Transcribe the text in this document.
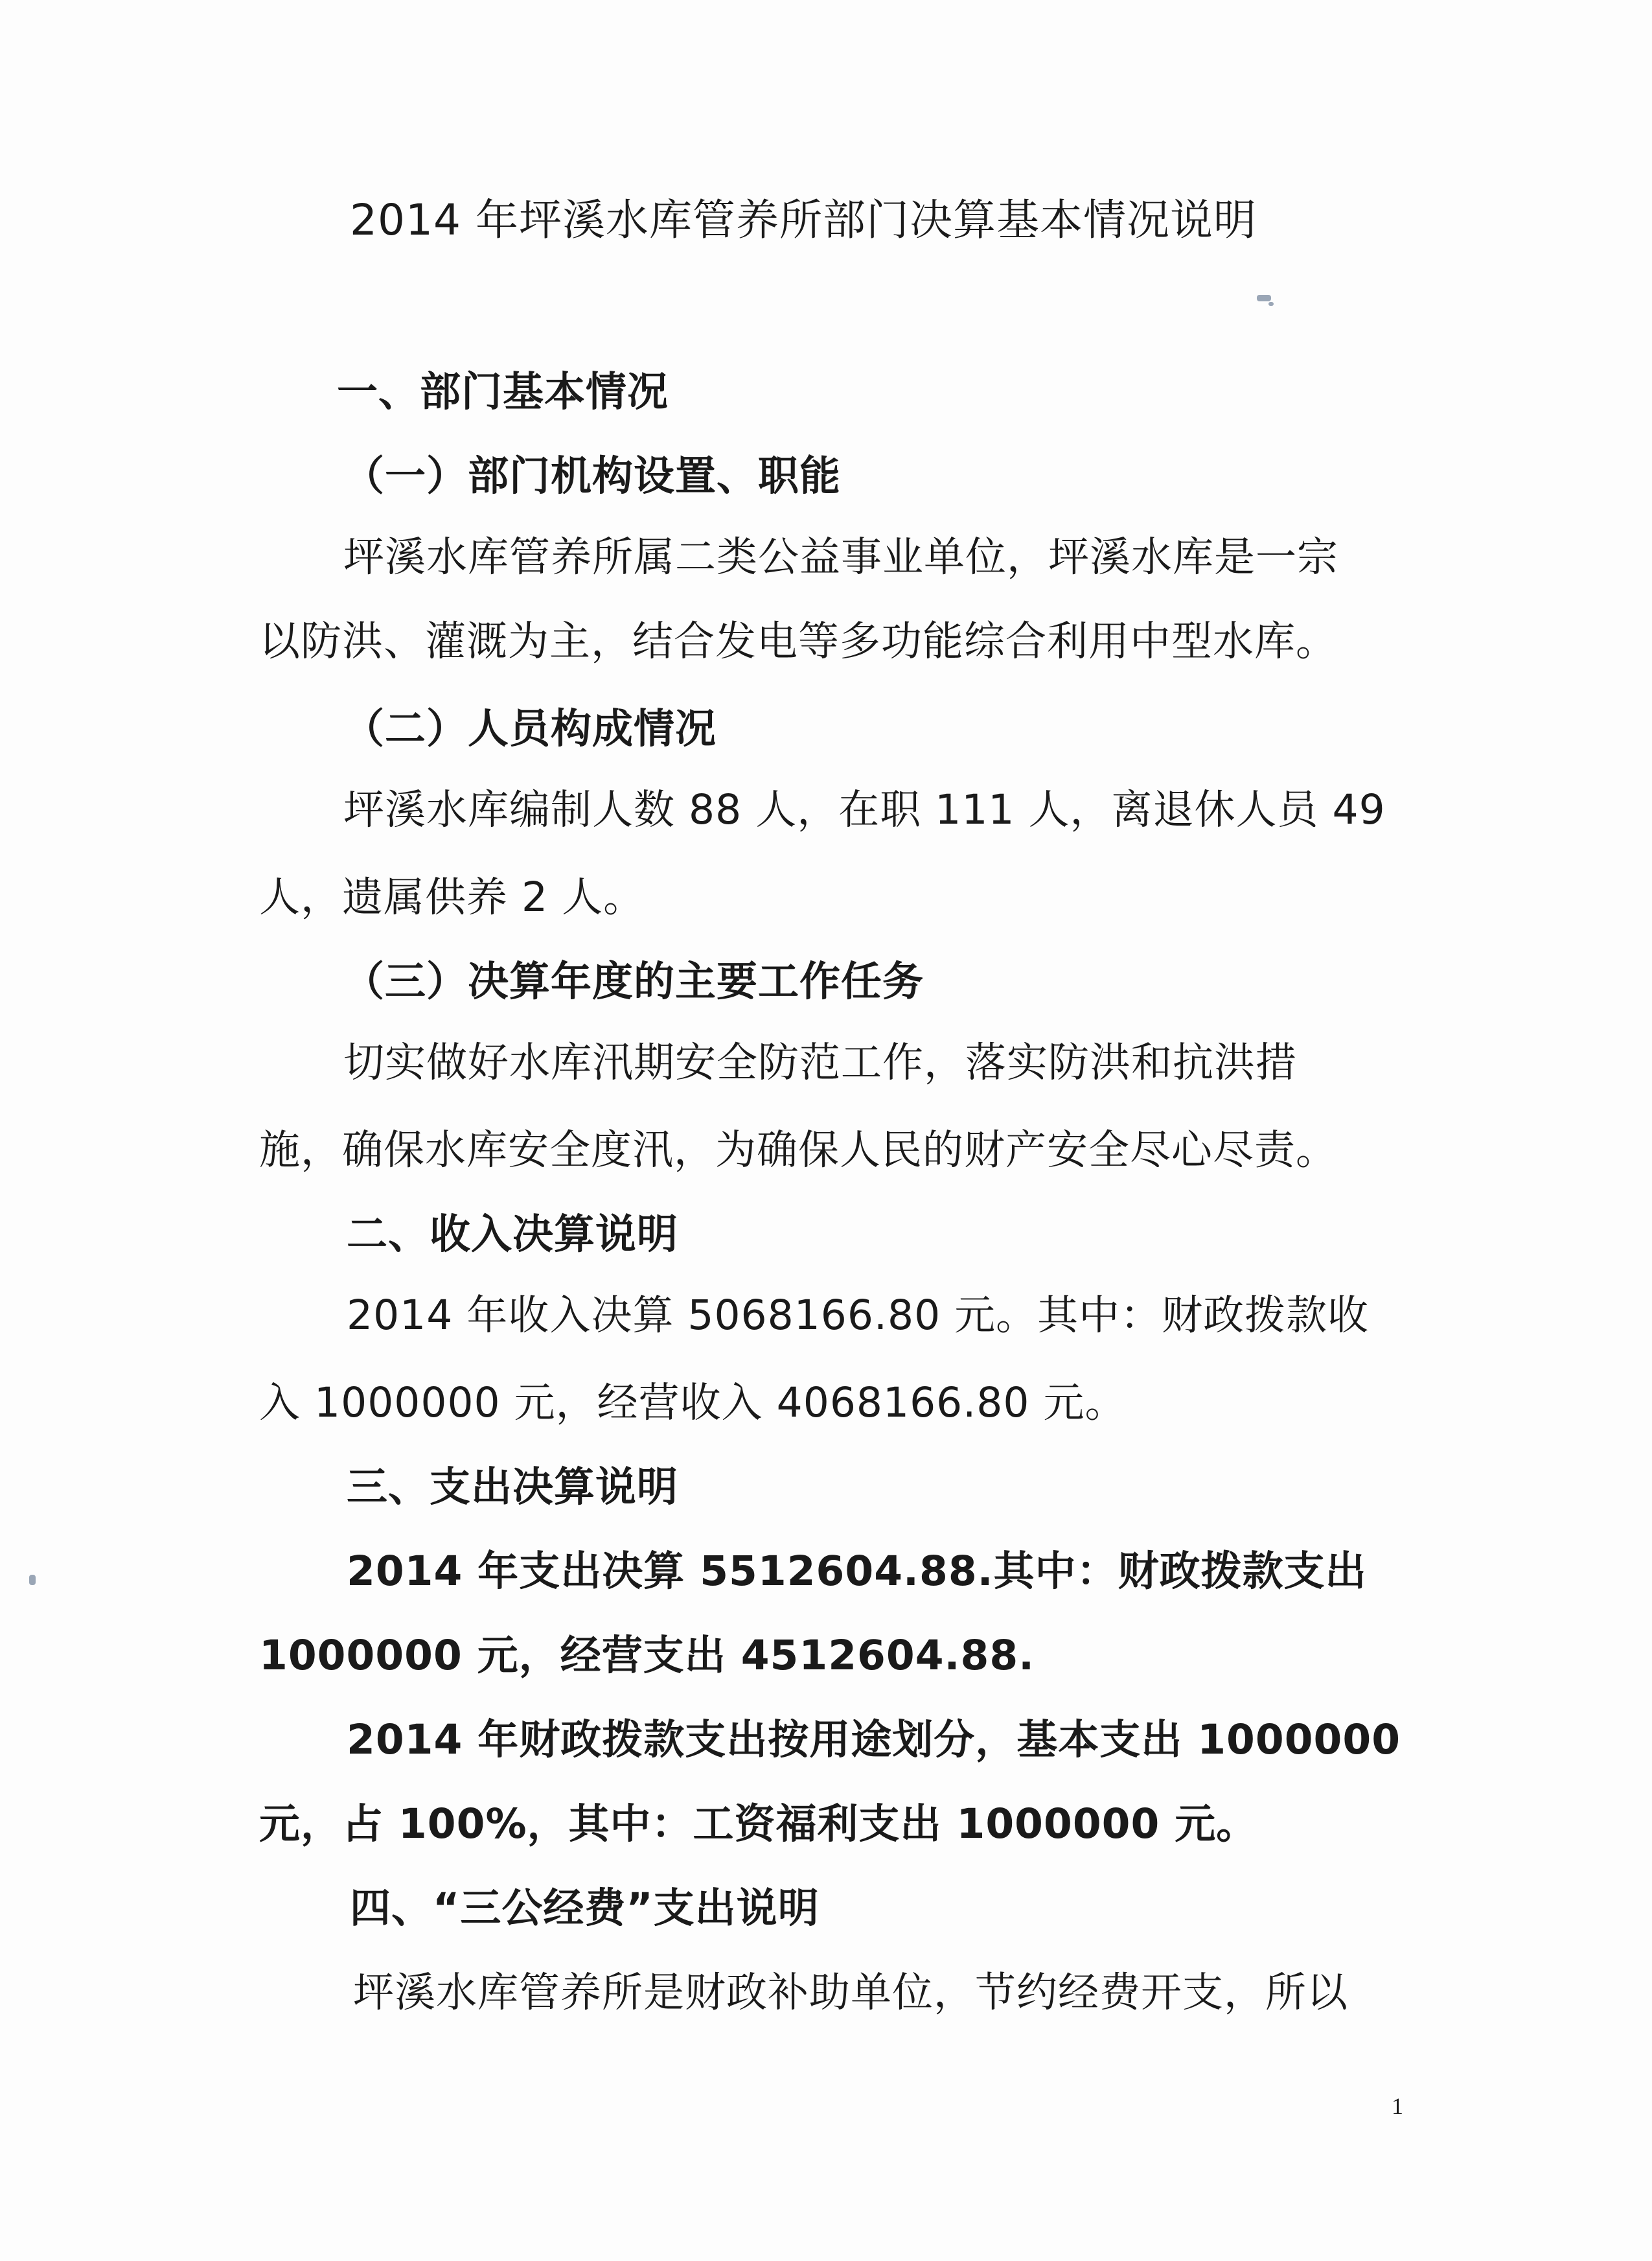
2014 年坪溪水库管养所部门决算基本情况说明
一、部门基本情况
（一）部门机构设置、职能
坪溪水库管养所属二类公益事业单位，坪溪水库是一宗
以防洪、灌溉为主，结合发电等多功能综合利用中型水库。
（二）人员构成情况
坪溪水库编制人数 88 人，在职 111 人，离退休人员 49
人，遗属供养 2 人。
（三）决算年度的主要工作任务
切实做好水库汛期安全防范工作，落实防洪和抗洪措
施，确保水库安全度汛，为确保人民的财产安全尽心尽责。
二、收入决算说明
2014 年收入决算 5068166.80 元。其中：财政拨款收
入 1000000 元，经营收入 4068166.80 元。
三、支出决算说明
2014 年支出决算 5512604.88.其中：财政拨款支出
1000000 元，经营支出 4512604.88.
2014 年财政拨款支出按用途划分，基本支出 1000000
元，占 100%，其中：工资福利支出 1000000 元。
四、“三公经费”支出说明
坪溪水库管养所是财政补助单位，节约经费开支，所以
1
